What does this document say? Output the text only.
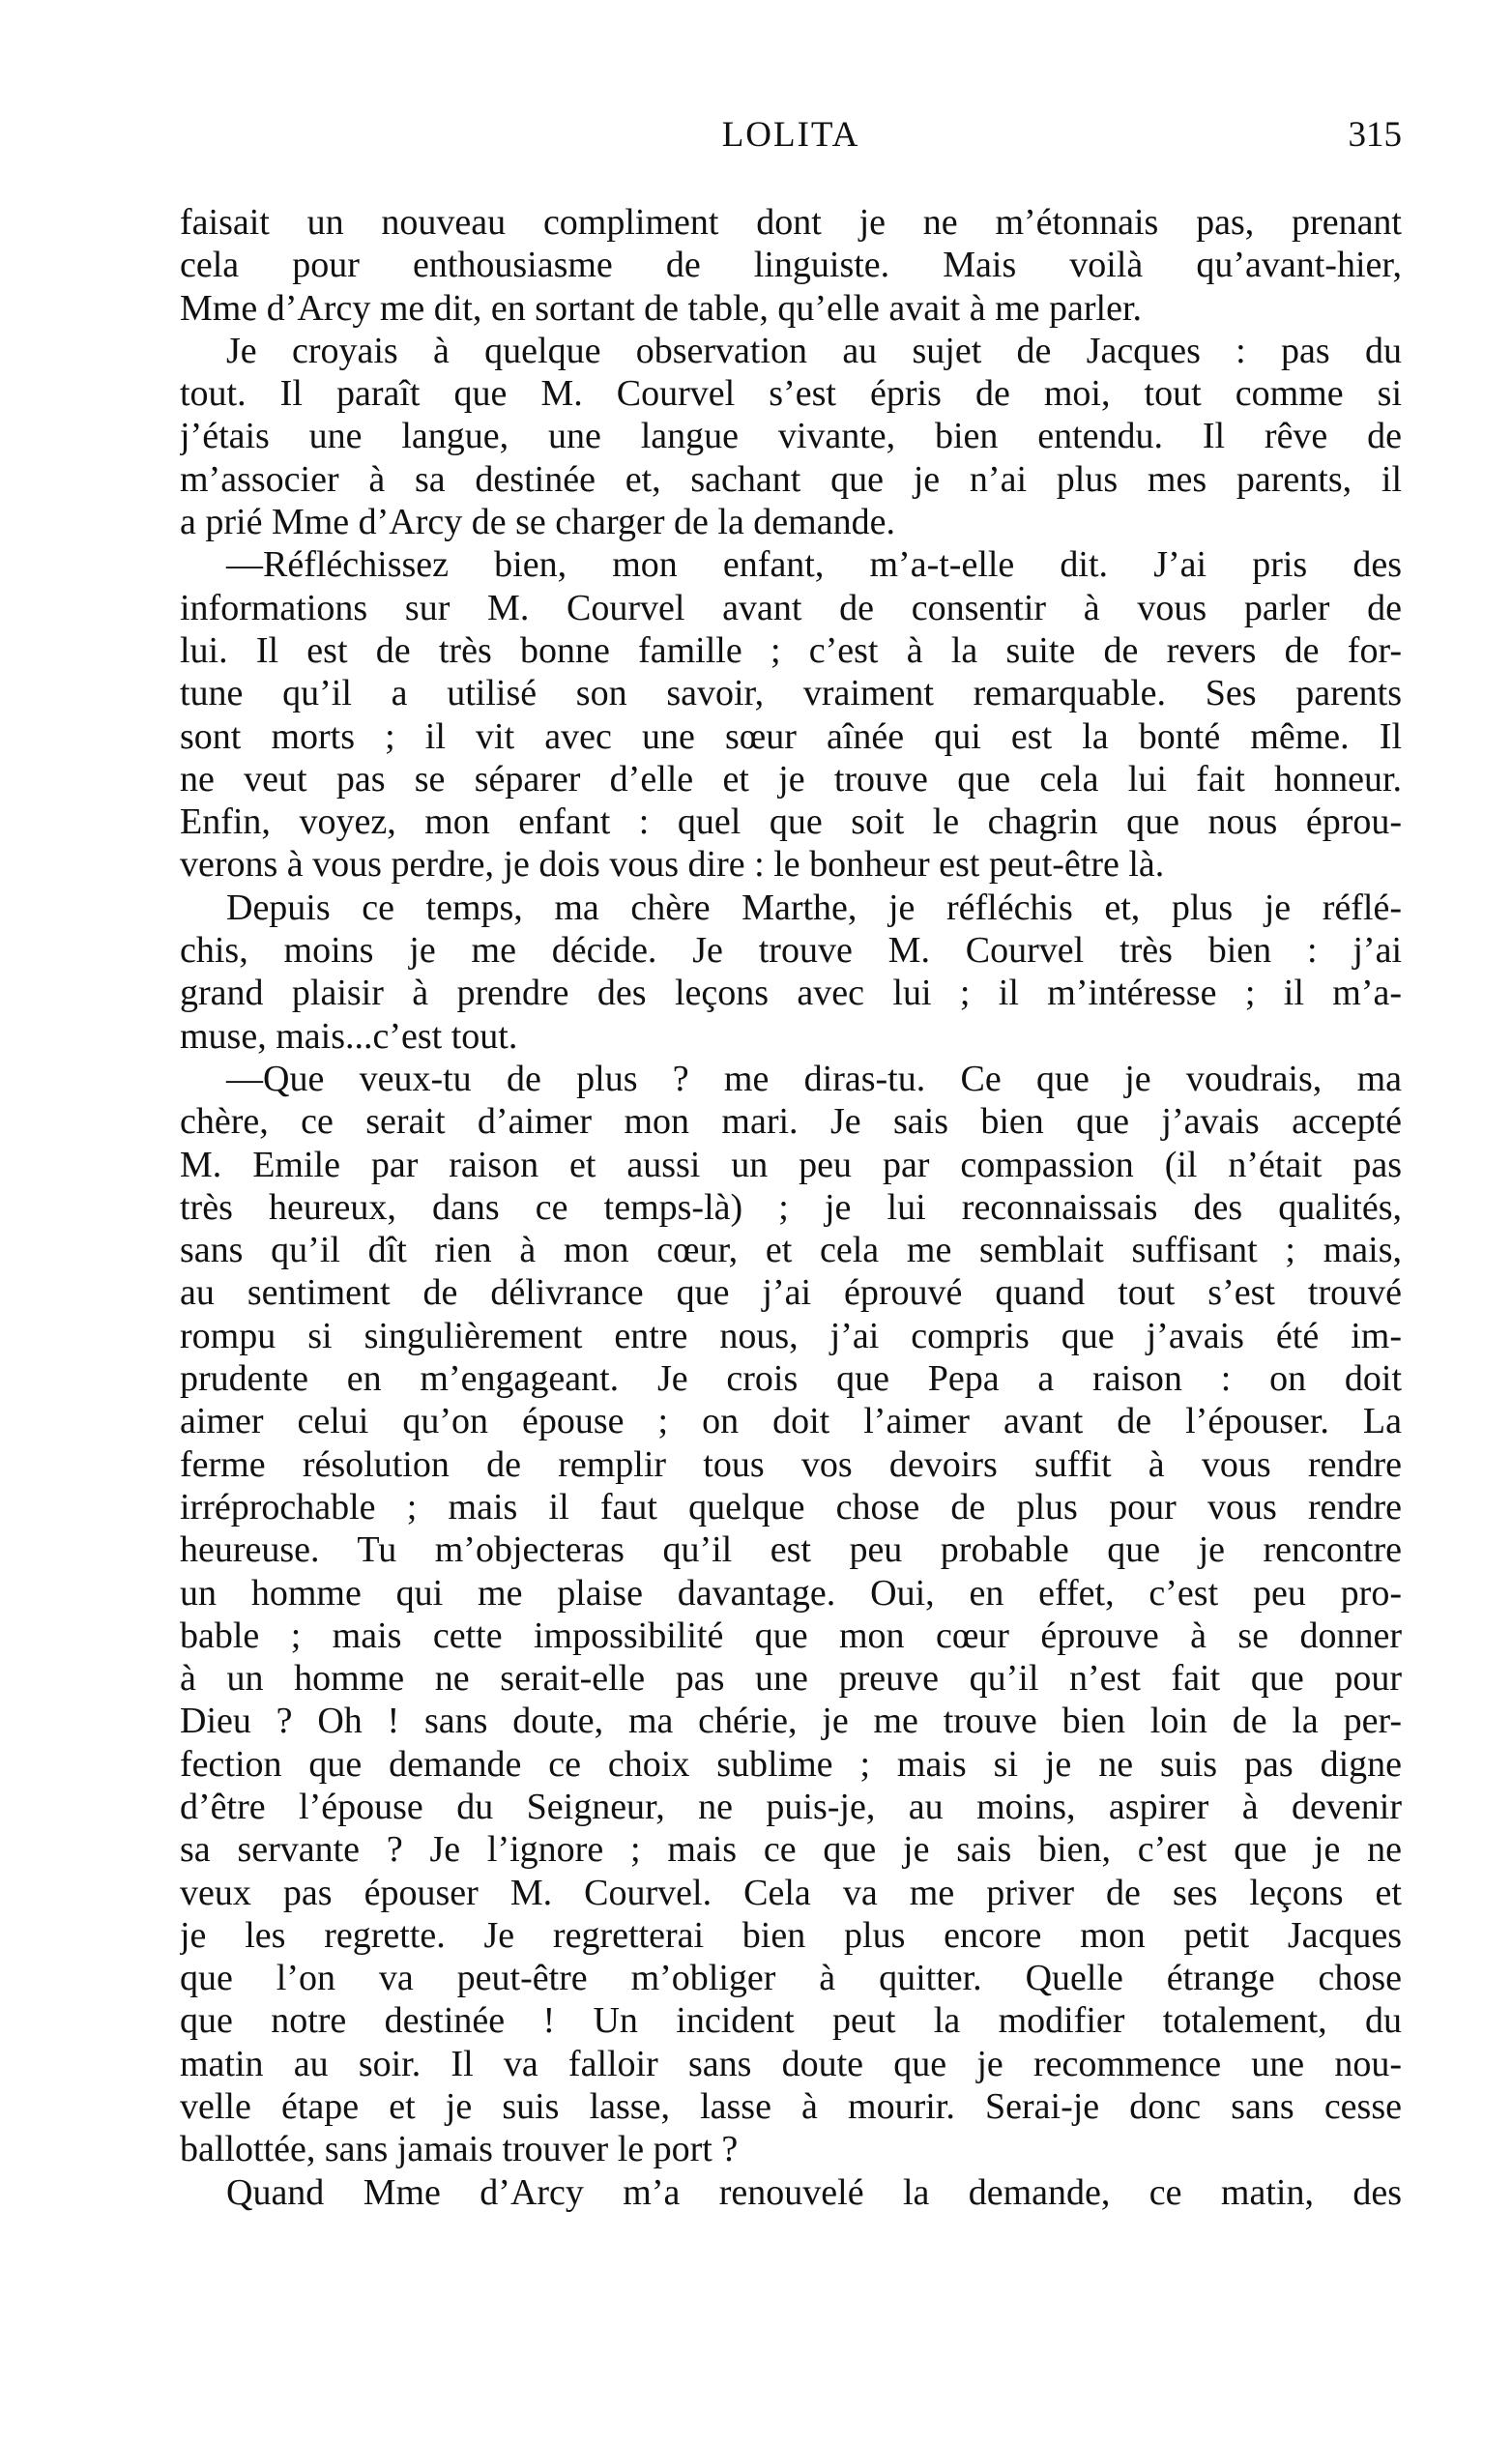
LOLITA	315
faisait un nouveau compliment dont je ne m’étonnais pas, prenant
cela pour enthousiasme de linguiste. Mais voilà qu’avant-hier,
Mme d’Arcy me dit, en sortant de table, qu’elle avait à me parler.
Je croyais à quelque observation au sujet de Jacques : pas du
tout. Il paraît que M. Courvel s’est épris de moi, tout comme si
j’étais une langue, une langue vivante, bien entendu. Il rêve de
m’associer à sa destinée et, sachant que je n’ai plus mes parents, il
a prié Mme d’Arcy de se charger de la demande.
—Réfléchissez bien, mon enfant, m’a-t-elle dit. J’ai pris des
informations sur M. Courvel avant de consentir à vous parler de
lui. Il est de très bonne famille ; c’est à la suite de revers de for-
tune qu’il a utilisé son savoir, vraiment remarquable. Ses parents
sont morts ; il vit avec une sœur aînée qui est la bonté même. Il
ne veut pas se séparer d’elle et je trouve que cela lui fait honneur.
Enfin, voyez, mon enfant : quel que soit le chagrin que nous éprou-
verons à vous perdre, je dois vous dire : le bonheur est peut-être là.
Depuis ce temps, ma chère Marthe, je réfléchis et, plus je réflé-
chis, moins je me décide. Je trouve M. Courvel très bien : j’ai
grand plaisir à prendre des leçons avec lui ; il m’intéresse ; il m’a-
muse, mais...c’est tout.
—Que veux-tu de plus ? me diras-tu. Ce que je voudrais, ma
chère, ce serait d’aimer mon mari. Je sais bien que j’avais accepté
M. Emile par raison et aussi un peu par compassion (il n’était pas
très heureux, dans ce temps-là) ; je lui reconnaissais des qualités,
sans qu’il dît rien à mon cœur, et cela me semblait suffisant ; mais,
au sentiment de délivrance que j’ai éprouvé quand tout s’est trouvé
rompu si singulièrement entre nous, j’ai compris que j’avais été im-
prudente en m’engageant. Je crois que Pepa a raison : on doit
aimer celui qu’on épouse ; on doit l’aimer avant de l’épouser. La
ferme résolution de remplir tous vos devoirs suffit à vous rendre
irréprochable ; mais il faut quelque chose de plus pour vous rendre
heureuse. Tu m’objecteras qu’il est peu probable que je rencontre
un homme qui me plaise davantage. Oui, en effet, c’est peu pro-
bable ; mais cette impossibilité que mon cœur éprouve à se donner
à un homme ne serait-elle pas une preuve qu’il n’est fait que pour
Dieu ? Oh ! sans doute, ma chérie, je me trouve bien loin de la per-
fection que demande ce choix sublime ; mais si je ne suis pas digne
d’être l’épouse du Seigneur, ne puis-je, au moins, aspirer à devenir
sa servante ? Je l’ignore ; mais ce que je sais bien, c’est que je ne
veux pas épouser M. Courvel. Cela va me priver de ses leçons et
je les regrette. Je regretterai bien plus encore mon petit Jacques
que l’on va peut-être m’obliger à quitter. Quelle étrange chose
que notre destinée ! Un incident peut la modifier totalement, du
matin au soir. Il va falloir sans doute que je recommence une nou-
velle étape et je suis lasse, lasse à mourir. Serai-je donc sans cesse
ballottée, sans jamais trouver le port ?
Quand Mme d’Arcy m’a renouvelé la demande, ce matin, des
